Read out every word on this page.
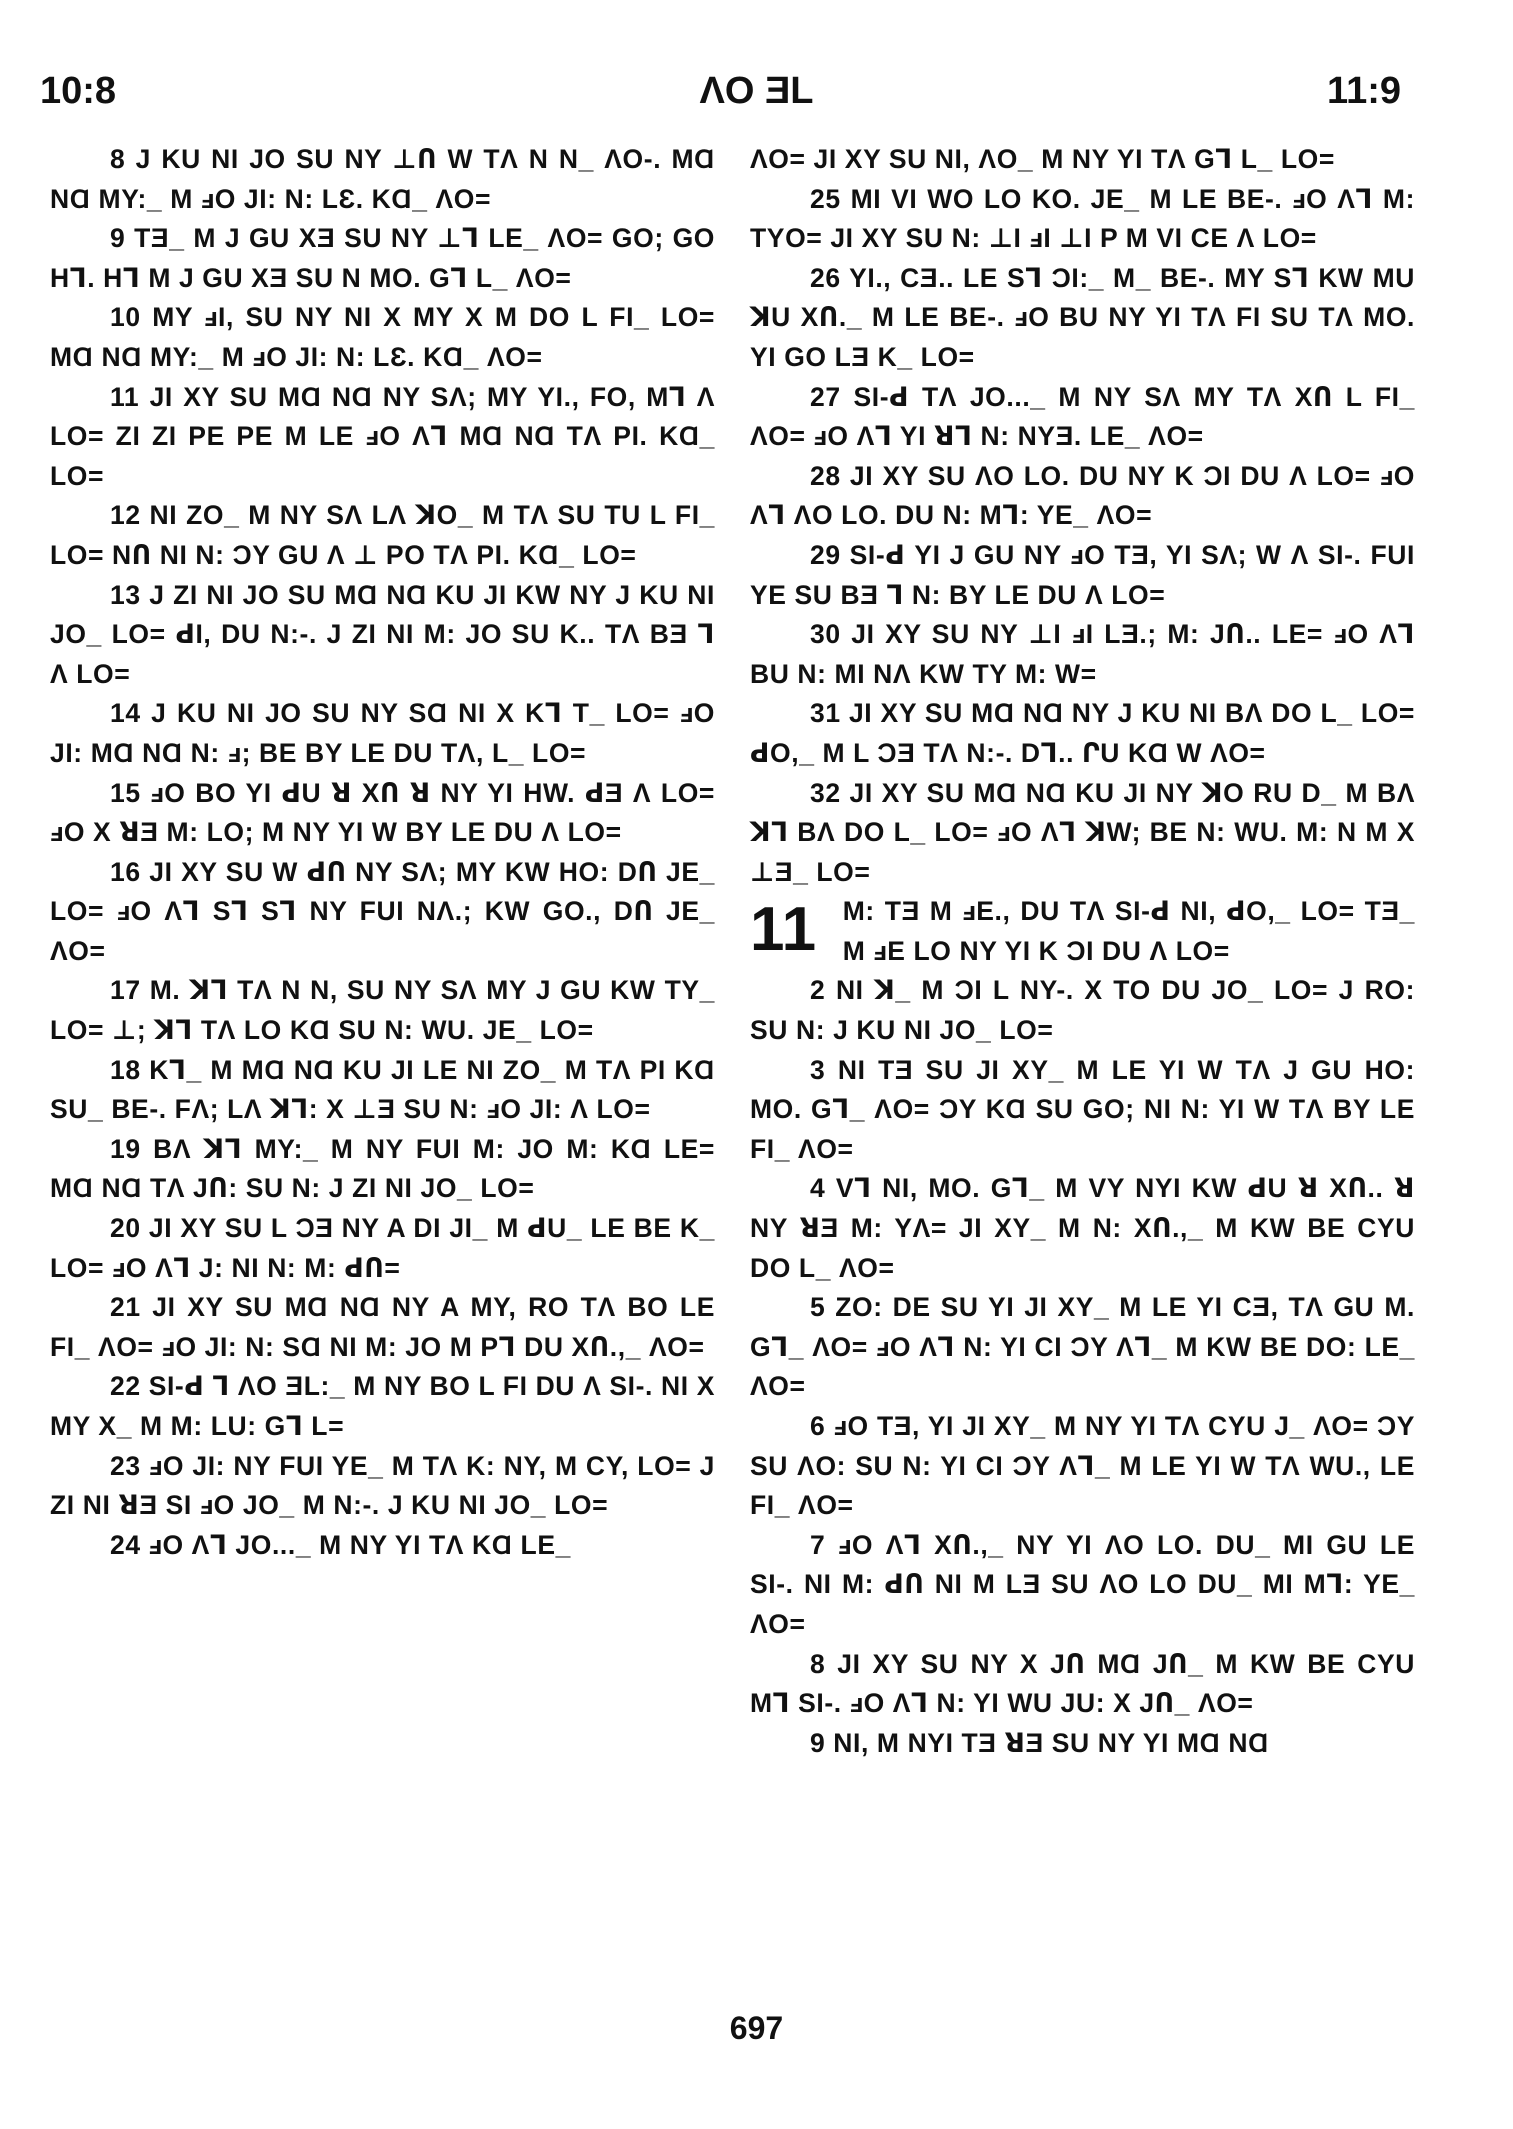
10:8	ɅO ƎL	11:9

8 J KU NI JO SU NY ⊥Ո W TɅ N N_ ɅO-. MⱭ NⱭ MY:_ M ⅎO JI: N: LƐ. KⱭ_ ɅO=

9 TƎ_ M J GU XƎ SU NY ⊥Ꞁ LE_ ɅO= GO; GO HꞀ. HꞀ M J GU XƎ SU N MO. GꞀ L_ ɅO=

10 MY ⅎI, SU NY NI X MY X M DO L FI_ LO= MⱭ NⱭ MY:_ M ⅎO JI: N: LƐ. KⱭ_ ɅO=

11 JI XY SU MⱭ NⱭ NY SɅ; MY YI., FO, MꞀ Ʌ LO= ZI ZI PE PE M LE ⅎO ɅꞀ MⱭ NⱭ TɅ PI. KⱭ_ LO=

12 NI ZO_ M NY SɅ LɅ ꓘO_ M TɅ SU TU L FI_ LO= NՈ NI N: ƆY GU Ʌ ⊥ PO TɅ PI. KⱭ_ LO=

13 J ZI NI JO SU MⱭ NⱭ KU JI KW NY J KU NI JO_ LO= ꓒI, DU N:-. J ZI NI M: JO SU K.. TɅ BƎ Ꞁ Ʌ LO=

14 J KU NI JO SU NY SⱭ NI X KꞀ T_ LO= ⅎO JI: MⱭ NⱭ N: ⅎ; BE BY LE DU TɅ, L_ LO=

15 ⅎO BO YI ꓒU ꓤ XՈ ꓤ NY YI HW. ꓒƎ Ʌ LO= ⅎO X ꓤƎ M: LO; M NY YI W BY LE DU Ʌ LO=

16 JI XY SU W ꓒՈ NY SɅ; MY KW HO: DՈ JE_ LO= ⅎO ɅꞀ SꞀ SꞀ NY FUI NɅ.; KW GO., DՈ JE_ ɅO=

17 M. ꓘꞀ TɅ N N, SU NY SɅ MY J GU KW TY_ LO= ⊥; ꓘꞀ TɅ LO KⱭ SU N: WU. JE_ LO=

18 KꞀ_ M MⱭ NⱭ KU JI LE NI ZO_ M TɅ PI KⱭ SU_ BE-. FɅ; LɅ ꓘꞀ: X ⊥Ǝ SU N: ⅎO JI: Ʌ LO=

19 BɅ ꓘꞀ MY:_ M NY FUI M: JO M: KⱭ LE= MⱭ NⱭ TɅ JՈ: SU N: J ZI NI JO_ LO=

20 JI XY SU L ƆƎ NY A DI JI_ M ꓒU_ LE BE K_ LO= ⅎO ɅꞀ J: NI N: M: ꓒՈ=

21 JI XY SU MⱭ NⱭ NY A MY, RO TɅ BO LE FI_ ɅO= ⅎO JI: N: SⱭ NI M: JO M PꞀ DU XՈ.,_ ɅO=

22 SI-ꓒ Ꞁ ɅO ƎL:_ M NY BO L FI DU Ʌ SI-. NI X MY X_ M M: LU: GꞀ L=

23 ⅎO JI: NY FUI YE_ M TɅ K: NY, M CY, LO= J ZI NI ꓤƎ SI ⅎO JO_ M N:-. J KU NI JO_ LO=

24 ⅎO ɅꞀ JO..._ M NY YI TɅ KⱭ LE_

ɅO= JI XY SU NI, ɅO_ M NY YI TɅ GꞀ L_ LO=

25 MI VI WO LO KO. JE_ M LE BE-. ⅎO ɅꞀ M: TYO= JI XY SU N: ⊥I ⅎI ⊥I P M VI CE Ʌ LO=

26 YI., CƎ.. LE SꞀ ƆI:_ M_ BE-. MY SꞀ KW MU ꓘU XՈ._ M LE BE-. ⅎO BU NY YI TɅ FI SU TɅ MO. YI GO LƎ K_ LO=

27 SI-ꓒ TɅ JO..._ M NY SɅ MY TɅ XՈ L FI_ ɅO= ⅎO ɅꞀ YI ꓤꞀ N: NYƎ. LE_ ɅO=

28 JI XY SU ɅO LO. DU NY K ƆI DU Ʌ LO= ⅎO ɅꞀ ɅO LO. DU N: MꞀ: YE_ ɅO=

29 SI-ꓒ YI J GU NY ⅎO TƎ, YI SɅ; W Ʌ SI-. FUI YE SU BƎ Ꞁ N: BY LE DU Ʌ LO=

30 JI XY SU NY ⊥I ⅎI LƎ.; M: JՈ.. LE= ⅎO ɅꞀ BU N: MI NɅ KW TY M: W=

31 JI XY SU MⱭ NⱭ NY J KU NI BɅ DO L_ LO= ꓒO,_ M L ƆƎ TɅ N:-. DꞀ.. ՐU KⱭ W ɅO=

32 JI XY SU MⱭ NⱭ KU JI NY ꓘO RU D_ M BɅ ꓘꞀ BɅ DO L_ LO= ⅎO ɅꞀ ꓘW; BE N: WU. M: N M X ⊥Ǝ_ LO=

11 M: TƎ M ⅎE., DU TɅ SI-ꓒ NI, ꓒO,_ LO= TƎ_ M ⅎE LO NY YI K ƆI DU Ʌ LO=

2 NI ꓘ_ M ƆI L NY-. X TO DU JO_ LO= J RO: SU N: J KU NI JO_ LO=

3 NI TƎ SU JI XY_ M LE YI W TɅ J GU HO: MO. GꞀ_ ɅO= ƆY KⱭ SU GO; NI N: YI W TɅ BY LE FI_ ɅO=

4 VꞀ NI, MO. GꞀ_ M VY NYI KW ꓒU ꓤ XՈ.. ꓤ NY ꓤƎ M: YɅ= JI XY_ M N: XՈ.,_ M KW BE CYU DO L_ ɅO=

5 ZO: DE SU YI JI XY_ M LE YI CƎ, TɅ GU M. GꞀ_ ɅO= ⅎO ɅꞀ N: YI CI ƆY ɅꞀ_ M KW BE DO: LE_ ɅO=

6 ⅎO TƎ, YI JI XY_ M NY YI TɅ CYU J_ ɅO= ƆY SU ɅO: SU N: YI CI ƆY ɅꞀ_ M LE YI W TɅ WU., LE FI_ ɅO=

7 ⅎO ɅꞀ XՈ.,_ NY YI ɅO LO. DU_ MI GU LE SI-. NI M: ꓒՈ NI M LƎ SU ɅO LO DU_ MI MꞀ: YE_ ɅO=

8 JI XY SU NY X JՈ MⱭ JՈ_ M KW BE CYU MꞀ SI-. ⅎO ɅꞀ N: YI WU JU: X JՈ_ ɅO=

9 NI, M NYI TƎ ꓤƎ SU NY YI MⱭ NⱭ

697
